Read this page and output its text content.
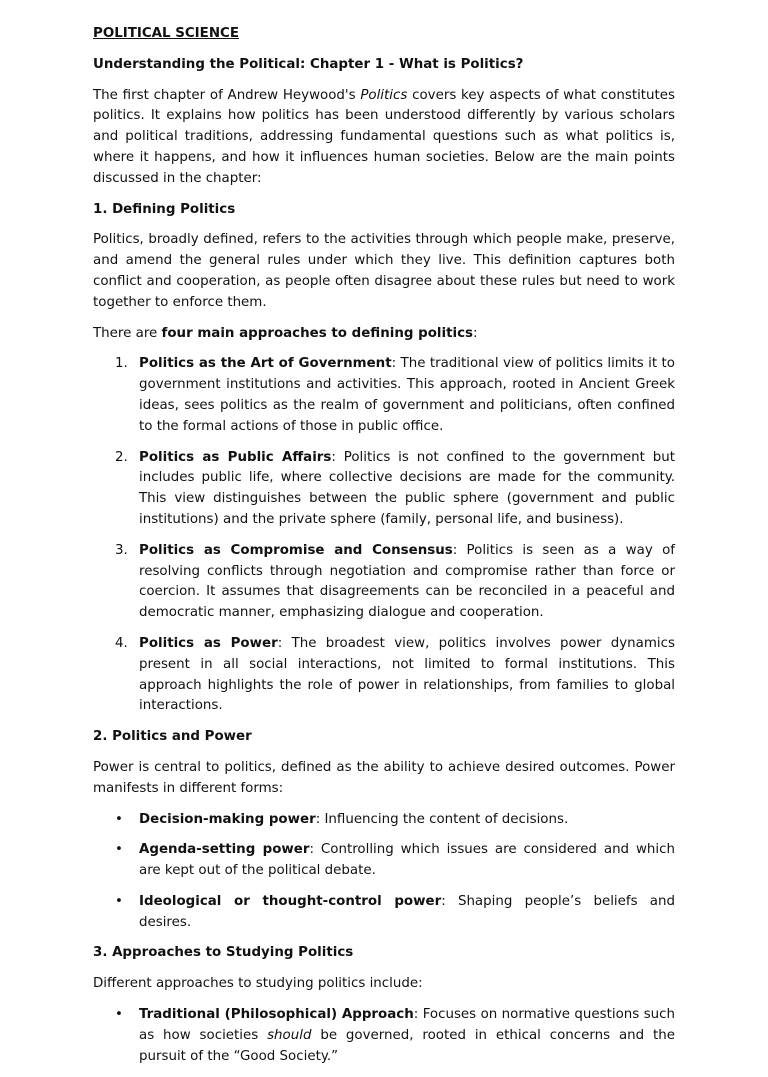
POLITICAL SCIENCE

Understanding the Political: Chapter 1 - What is Politics?

The first chapter of Andrew Heywood's Politics covers key aspects of what constitutes politics. It explains how politics has been understood differently by various scholars and political traditions, addressing fundamental questions such as what politics is, where it happens, and how it influences human societies. Below are the main points discussed in the chapter:

1. Defining Politics

Politics, broadly defined, refers to the activities through which people make, preserve, and amend the general rules under which they live. This definition captures both conflict and cooperation, as people often disagree about these rules but need to work together to enforce them.

There are four main approaches to defining politics:

1. Politics as the Art of Government: The traditional view of politics limits it to government institutions and activities. This approach, rooted in Ancient Greek ideas, sees politics as the realm of government and politicians, often confined to the formal actions of those in public office.
2. Politics as Public Affairs: Politics is not confined to the government but includes public life, where collective decisions are made for the community. This view distinguishes between the public sphere (government and public institutions) and the private sphere (family, personal life, and business).
3. Politics as Compromise and Consensus: Politics is seen as a way of resolving conflicts through negotiation and compromise rather than force or coercion. It assumes that disagreements can be reconciled in a peaceful and democratic manner, emphasizing dialogue and cooperation.
4. Politics as Power: The broadest view, politics involves power dynamics present in all social interactions, not limited to formal institutions. This approach highlights the role of power in relationships, from families to global interactions.

2. Politics and Power

Power is central to politics, defined as the ability to achieve desired outcomes. Power manifests in different forms:

• Decision-making power: Influencing the content of decisions.
• Agenda-setting power: Controlling which issues are considered and which are kept out of the political debate.
• Ideological or thought-control power: Shaping people’s beliefs and desires.

3. Approaches to Studying Politics

Different approaches to studying politics include:

• Traditional (Philosophical) Approach: Focuses on normative questions such as how societies should be governed, rooted in ethical concerns and the pursuit of the “Good Society.”
